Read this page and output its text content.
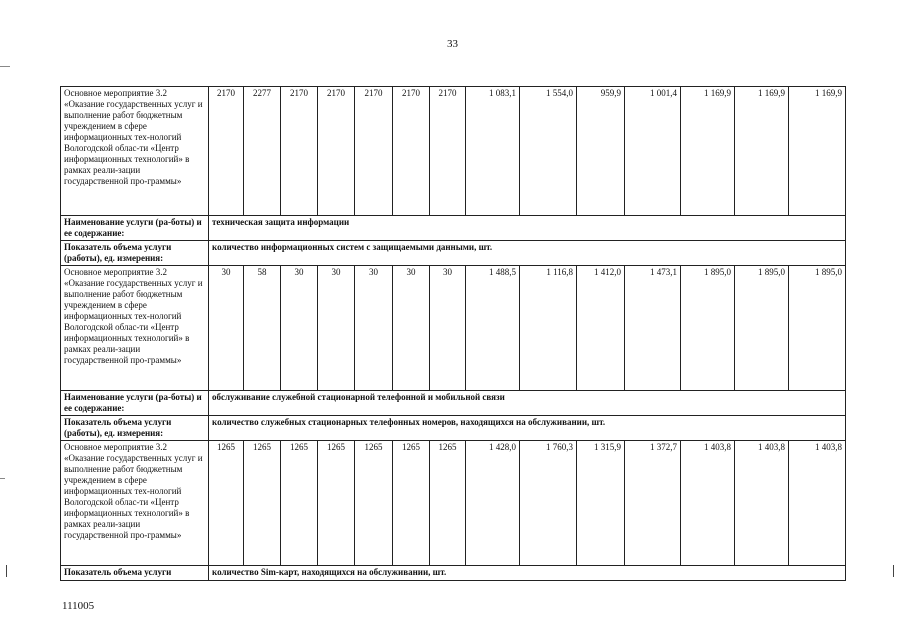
33
Основное мероприятие 3.2 «Оказание государственных услуг и выполнение работ бюджетным учреждением в сфере информационных тех-нологий Вологодской облас-ти «Центр информационных технологий» в рамках реали-зации государственной про-граммы»	2170	2277	2170	2170	2170	2170	2170	1 083,1	1 554,0	959,9	1 001,4	1 169,9	1 169,9	1 169,9
Наименование услуги (ра-боты) и ее содержание:	техническая защита информации													
Показатель объема услуги (работы), ед. измерения:	количество информационных систем с защищаемыми данными, шт.													
Основное мероприятие 3.2 «Оказание государственных услуг и выполнение работ бюджетным учреждением в сфере информационных тех-нологий Вологодской облас-ти «Центр информационных технологий» в рамках реали-зации государственной про-граммы»	30	58	30	30	30	30	30	1 488,5	1 116,8	1 412,0	1 473,1	1 895,0	1 895,0	1 895,0
Наименование услуги (ра-боты) и ее содержание:	обслуживание служебной стационарной телефонной и мобильной связи													
Показатель объема услуги (работы), ед. измерения:	количество служебных стационарных телефонных номеров, находящихся на обслуживании, шт.													
Основное мероприятие 3.2 «Оказание государственных услуг и выполнение работ бюджетным учреждением в сфере информационных тех-нологий Вологодской облас-ти «Центр информационных технологий» в рамках реали-зации государственной про-граммы»	1265	1265	1265	1265	1265	1265	1265	1 428,0	1 760,3	1 315,9	1 372,7	1 403,8	1 403,8	1 403,8
Показатель объема услуги	количество Sim-карт, находящихся на обслуживании, шт.													
111005
